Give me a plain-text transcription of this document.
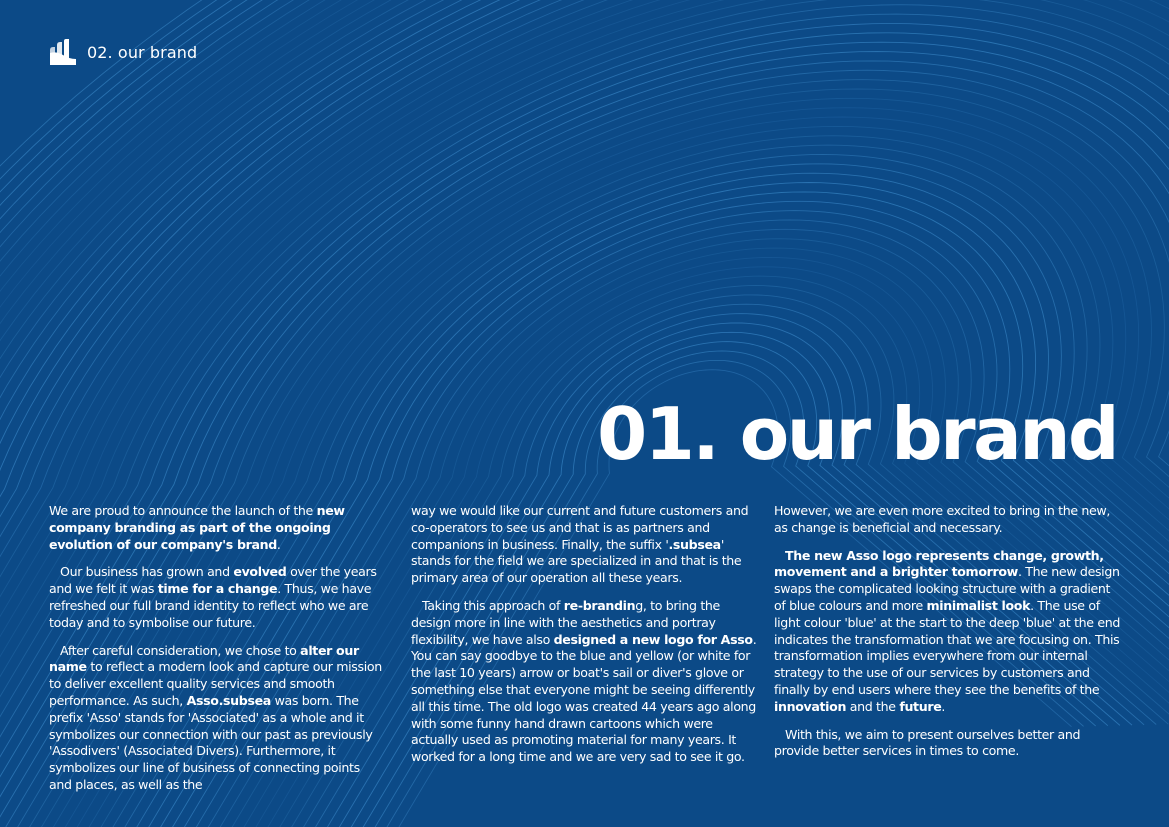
02. our brand
01. our brand

We are proud to announce the launch of the new company branding as part of the ongoing evolution of our company's brand.

Our business has grown and evolved over the years and we felt it was time for a change. Thus, we have refreshed our full brand identity to reflect who we are today and to symbolise our future.

After careful consideration, we chose to alter our name to reflect a modern look and capture our mission to deliver excellent quality services and smooth performance. As such, Asso.subsea was born. The prefix 'Asso' stands for 'Associated' as a whole and it symbolizes our connection with our past as previously 'Assodivers' (Associated Divers). Furthermore, it symbolizes our line of business of connecting points and places, as well as the

way we would like our current and future customers and co-operators to see us and that is as partners and companions in business. Finally, the suffix '.subsea' stands for the field we are specialized in and that is the primary area of our operation all these years.

Taking this approach of re-branding, to bring the design more in line with the aesthetics and portray flexibility, we have also designed a new logo for Asso. You can say goodbye to the blue and yellow (or white for the last 10 years) arrow or boat's sail or diver's glove or something else that everyone might be seeing differently all this time. The old logo was created 44 years ago along with some funny hand drawn cartoons which were actually used as promoting material for many years. It worked for a long time and we are very sad to see it go.

However, we are even more excited to bring in the new, as change is beneficial and necessary.

The new Asso logo represents change, growth, movement and a brighter tomorrow. The new design swaps the complicated looking structure with a gradient of blue colours and more minimalist look. The use of light colour 'blue' at the start to the deep 'blue' at the end indicates the transformation that we are focusing on. This transformation implies everywhere from our internal strategy to the use of our services by customers and finally by end users where they see the benefits of the innovation and the future.

With this, we aim to present ourselves better and provide better services in times to come.
